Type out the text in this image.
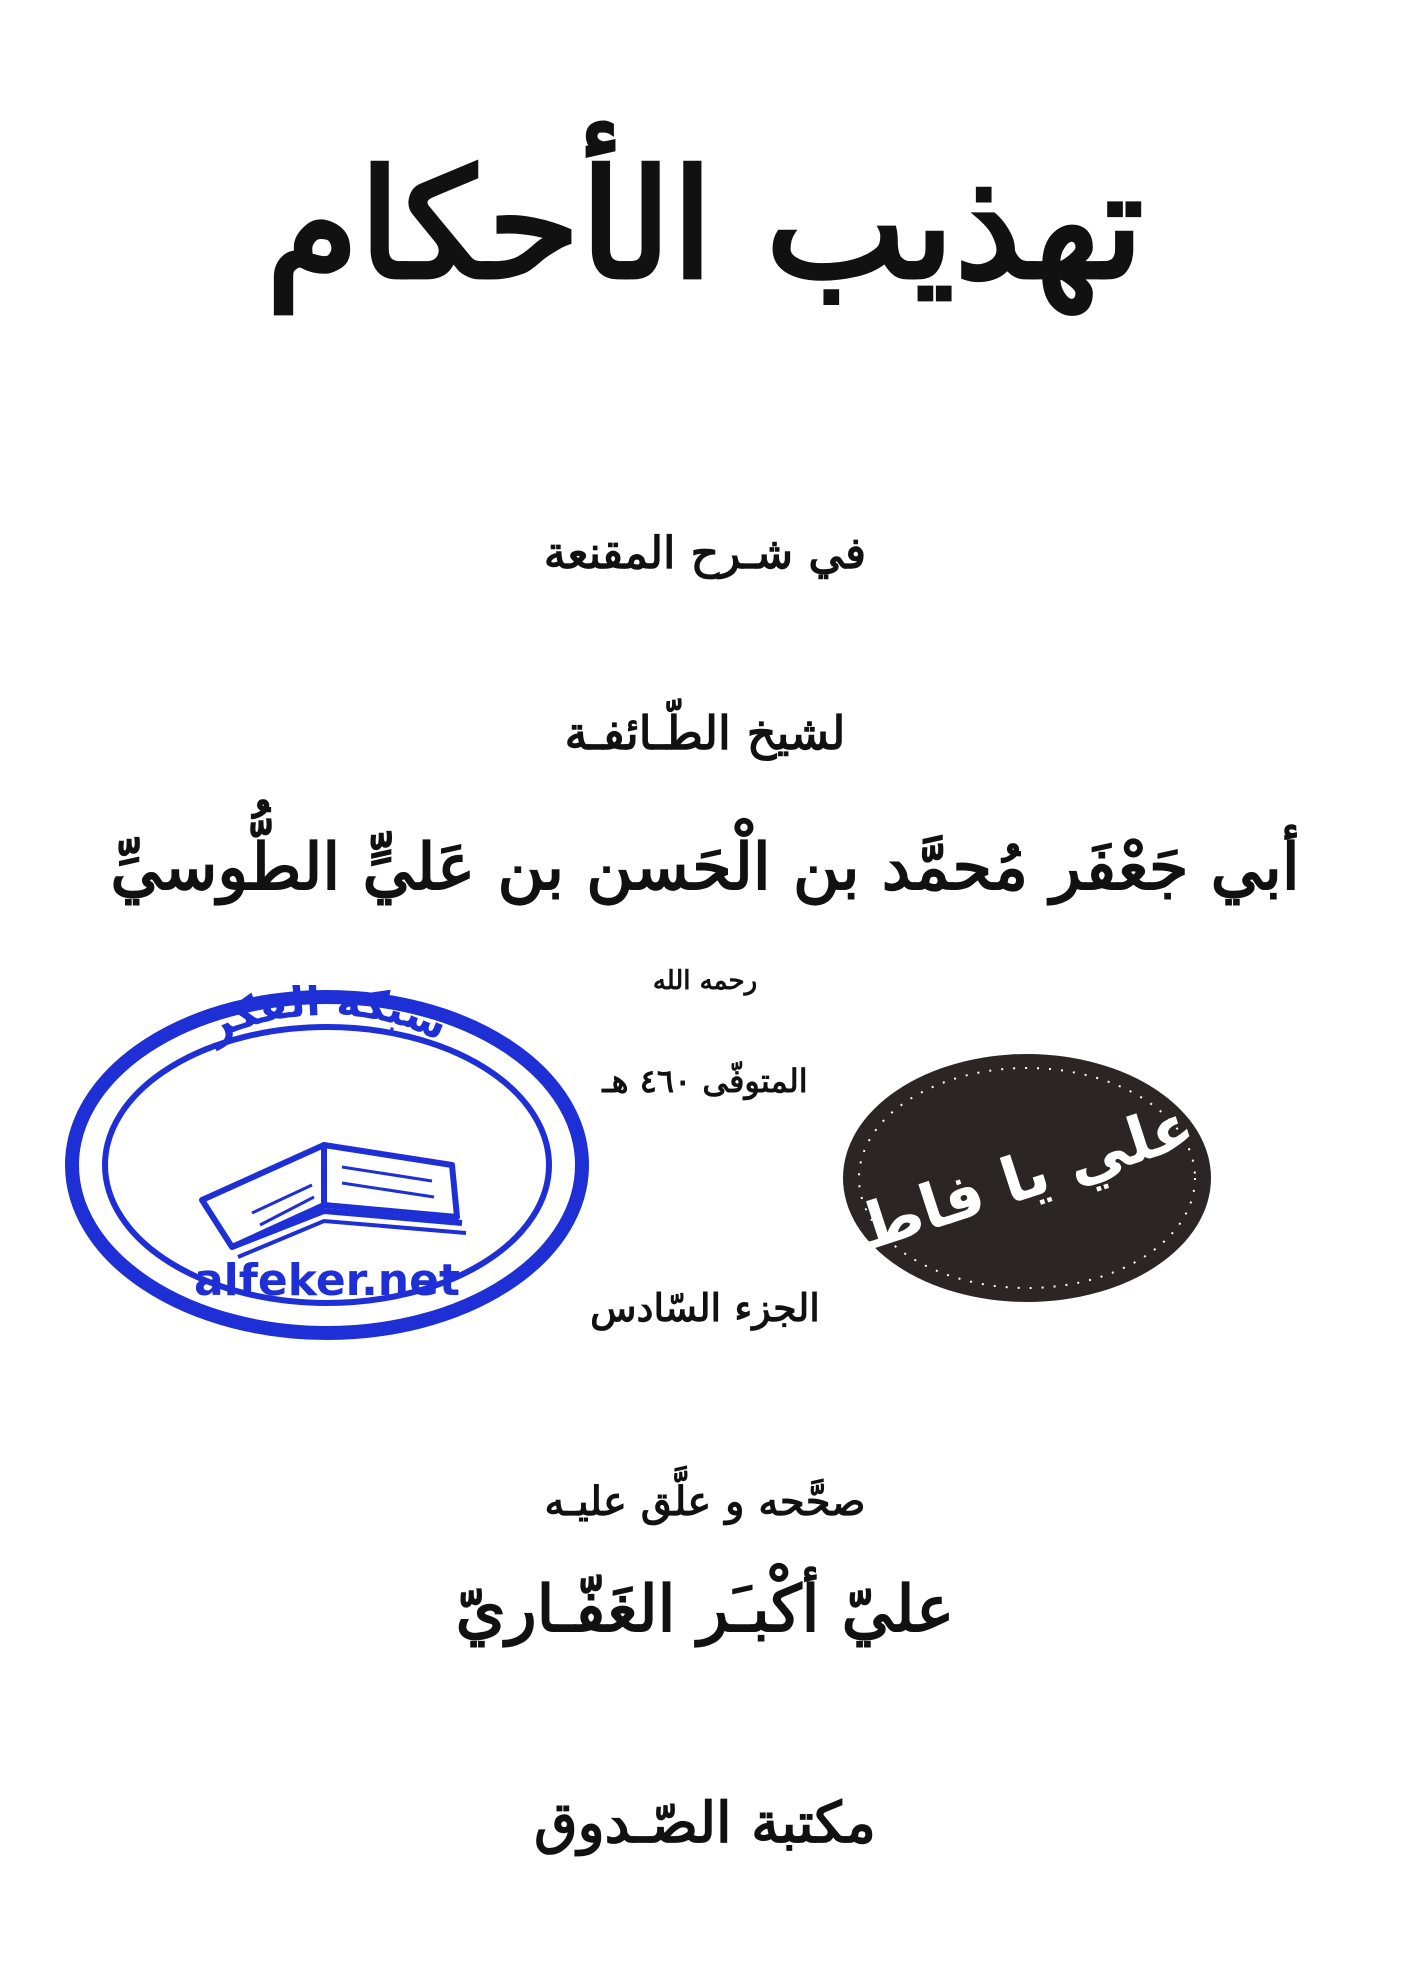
تهذيب الأحكام
في شـرح المقنعة
لشيخ الطّـائفـة
أبي جَعْفَر مُحمَّد بن الْحَسن بن عَليٍّ الطُّوسيِّ
رحمه الله
المتوفّى ٤٦٠ هـ
الجزء السّادس
صحَّحه و علَّق عليـه
عليّ أكْبـَر الغَفّـاريّ
مكتبة الصّـدوق
شبكة الفكر
alfeker.net	يا علي يا فاطمة
